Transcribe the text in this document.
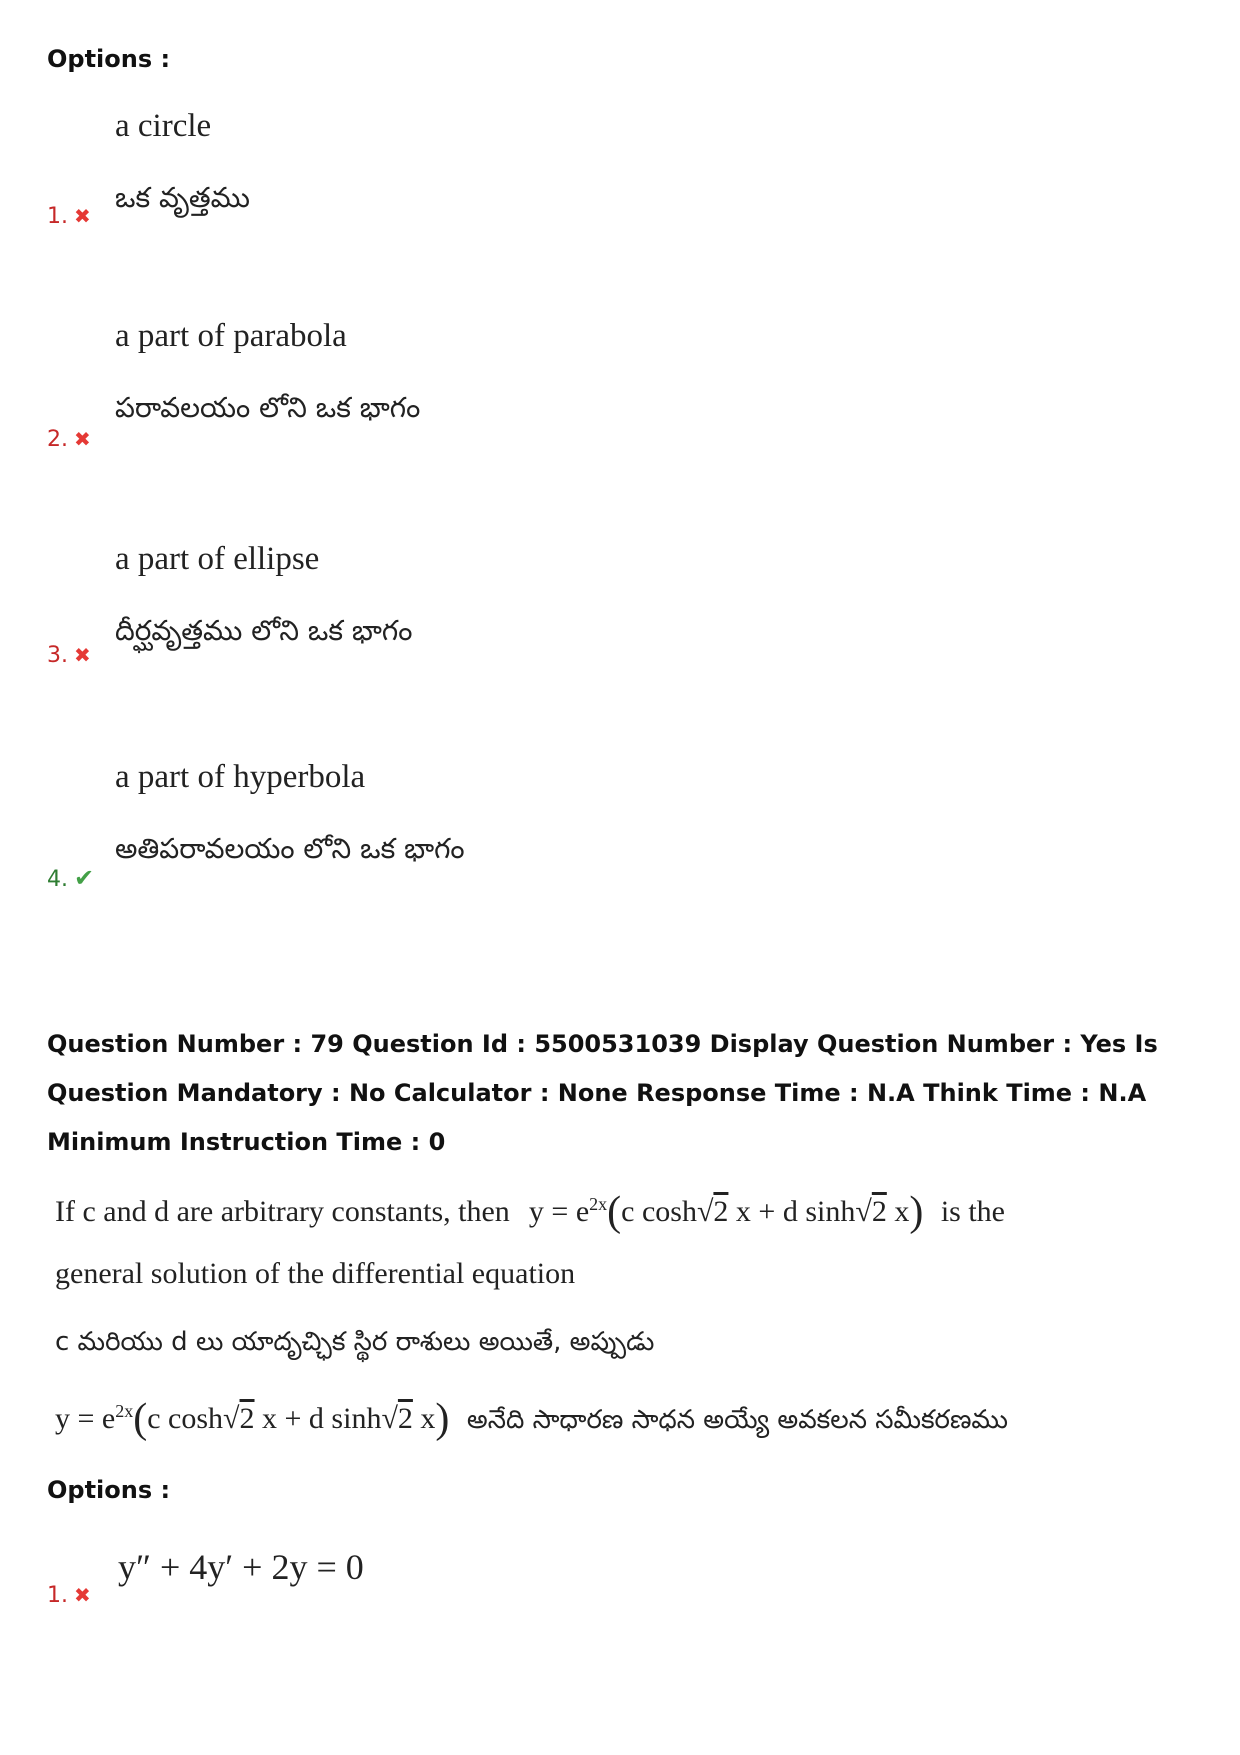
Options :
a circle
ఒక వృత్తము
1. ✖
a part of parabola
పరావలయం లోని ఒక భాగం
2. ✖
a part of ellipse
దీర్ఘవృత్తము లోని ఒక భాగం
3. ✖
a part of hyperbola
అతిపరావలయం లోని ఒక భాగం
4. ✔
Question Number : 79 Question Id : 5500531039 Display Question Number : Yes Is Question Mandatory : No Calculator : None Response Time : N.A Think Time : N.A Minimum Instruction Time : 0
If c and d are arbitrary constants, then $y = e^{2x}(c$ cosh√2 x + d sinh√2 x) is the
general solution of the differential equation
c మరియు d లు యాదృచ్ఛిక స్థిర రాశులు అయితే, అప్పుడు
$y = e^{2x}(c$ cosh√2 x + d sinh√2 x) అనేది సాధారణ సాధన అయ్యే అవకలన సమీకరణము
Options :
y″ + 4y′ + 2y = 0
1. ✖
